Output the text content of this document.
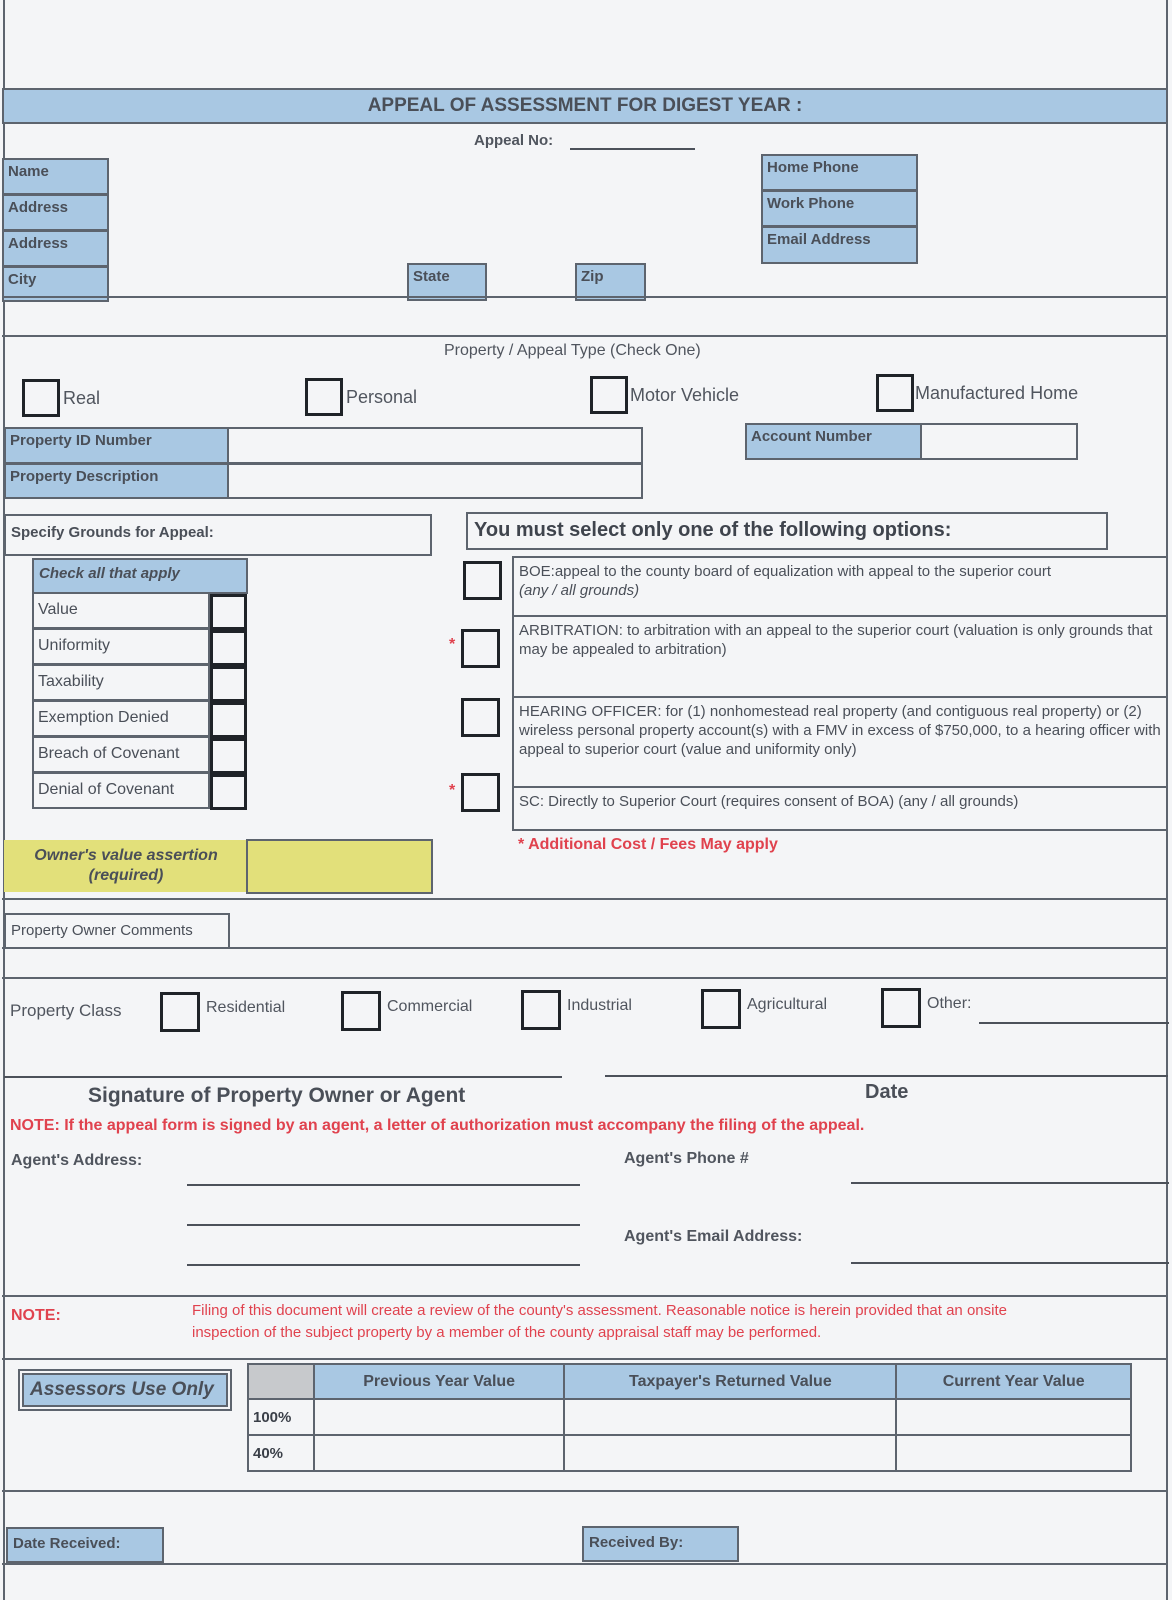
APPEAL OF ASSESSMENT FOR DIGEST YEAR :
Appeal No:
Name
Address
Address
City	State	Zip
Home Phone
Work Phone
Email Address
Property / Appeal Type (Check One)
Real	Personal	Motor Vehicle	Manufactured Home
Property ID Number
Property Description
Account Number
Specify Grounds for Appeal:
Check all that apply
Value
Uniformity
Taxability
Exemption Denied
Breach of Covenant
Denial of Covenant
You must select only one of the following options:
BOE:appeal to the county board of equalization with appeal to the superior court
(any / all grounds)
*
ARBITRATION: to arbitration with an appeal to the superior court (valuation is only grounds that may be appealed to arbitration)
HEARING OFFICER: for (1) nonhomestead real property (and contiguous real property) or (2) wireless personal property account(s) with a FMV in excess of $750,000, to a hearing officer with appeal to superior court (value and uniformity only)
*
SC: Directly to Superior Court (requires consent of BOA) (any / all grounds)
* Additional Cost / Fees May apply
Owner's value assertion
(required)
Property Owner Comments
Property Class	Residential	Commercial	Industrial	Agricultural	Other:
Signature of Property Owner or Agent	Date
NOTE: If the appeal form is signed by an agent, a letter of authorization must accompany the filing of the appeal.
Agent's Address:	Agent's Phone #
Agent's Email Address:
NOTE:	Filing of this document will create a review of the county's assessment. Reasonable notice is herein provided that an onsite
inspection of the subject property by a member of the county appraisal staff may be performed.
Assessors Use Only
		Previous Year Value	Taxpayer's Returned Value	Current Year Value
100%			
40%			
Date Received:	Received By:
